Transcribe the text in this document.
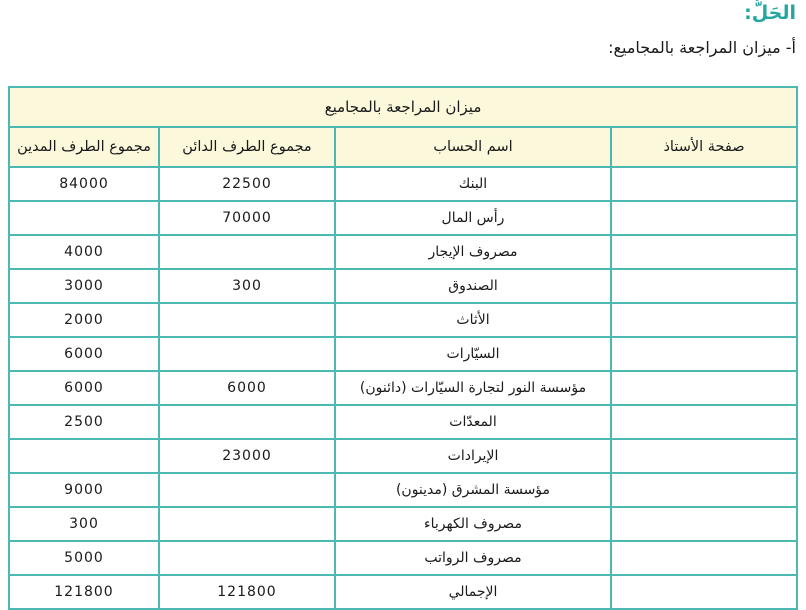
الحَلُّ:
أ- ميزان المراجعة بالمجاميع:
ميزان المراجعة بالمجاميع			
صفحة الأستاذ	اسم الحساب	مجموع الطرف الدائن	مجموع الطرف المدين
	البنك	22500	84000
	رأس المال	70000	
	مصروف الإيجار		4000
	الصندوق	300	3000
	الأثاث		2000
	السيّارات		6000
	مؤسسة النور لتجارة السيّارات (دائنون)	6000	6000
	المعدّات		2500
	الإيرادات	23000	
	مؤسسة المشرق (مدينون)		9000
	مصروف الكهرباء		300
	مصروف الرواتب		5000
	الإجمالي	121800	121800
